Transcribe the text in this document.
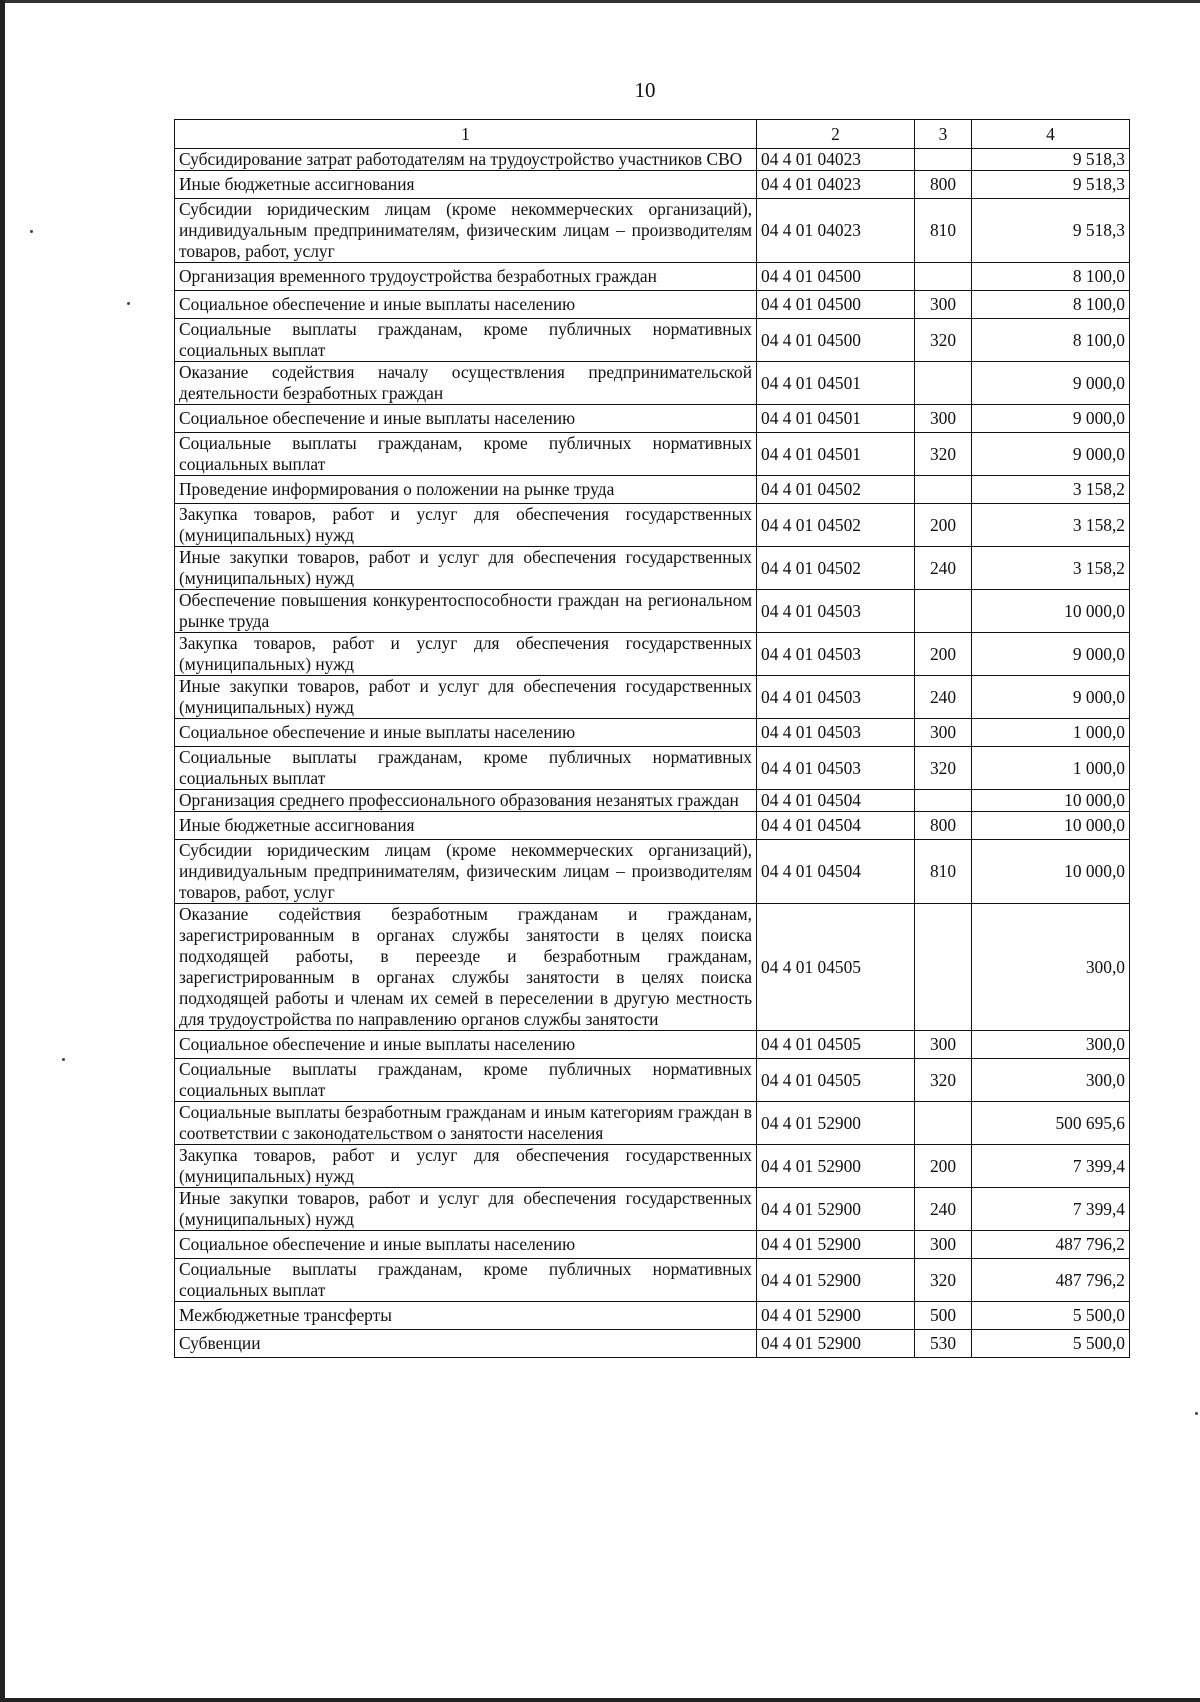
10
1	2	3	4
Субсидирование затрат работодателям на трудоустройство участников СВО	04 4 01 04023		9 518,3
Иные бюджетные ассигнования	04 4 01 04023	800	9 518,3
Субсидии юридическим лицам (кроме некоммерческих организаций), индивидуальным предпринимателям, физическим лицам – производителям товаров, работ, услуг	04 4 01 04023	810	9 518,3
Организация временного трудоустройства безработных граждан	04 4 01 04500		8 100,0
Социальное обеспечение и иные выплаты населению	04 4 01 04500	300	8 100,0
Социальные выплаты гражданам, кроме публичных нормативных социальных выплат	04 4 01 04500	320	8 100,0
Оказание содействия началу осуществления предпринимательской деятельности безработных граждан	04 4 01 04501		9 000,0
Социальное обеспечение и иные выплаты населению	04 4 01 04501	300	9 000,0
Социальные выплаты гражданам, кроме публичных нормативных социальных выплат	04 4 01 04501	320	9 000,0
Проведение информирования о положении на рынке труда	04 4 01 04502		3 158,2
Закупка товаров, работ и услуг для обеспечения государственных (муниципальных) нужд	04 4 01 04502	200	3 158,2
Иные закупки товаров, работ и услуг для обеспечения государственных (муниципальных) нужд	04 4 01 04502	240	3 158,2
Обеспечение повышения конкурентоспособности граждан на региональном рынке труда	04 4 01 04503		10 000,0
Закупка товаров, работ и услуг для обеспечения государственных (муниципальных) нужд	04 4 01 04503	200	9 000,0
Иные закупки товаров, работ и услуг для обеспечения государственных (муниципальных) нужд	04 4 01 04503	240	9 000,0
Социальное обеспечение и иные выплаты населению	04 4 01 04503	300	1 000,0
Социальные выплаты гражданам, кроме публичных нормативных социальных выплат	04 4 01 04503	320	1 000,0
Организация среднего профессионального образования незанятых граждан	04 4 01 04504		10 000,0
Иные бюджетные ассигнования	04 4 01 04504	800	10 000,0
Субсидии юридическим лицам (кроме некоммерческих организаций), индивидуальным предпринимателям, физическим лицам – производителям товаров, работ, услуг	04 4 01 04504	810	10 000,0
Оказание содействия безработным гражданам и гражданам, зарегистрированным в органах службы занятости в целях поиска подходящей работы, в переезде и безработным гражданам, зарегистрированным в органах службы занятости в целях поиска подходящей работы и членам их семей в переселении в другую местность для трудоустройства по направлению органов службы занятости	04 4 01 04505		300,0
Социальное обеспечение и иные выплаты населению	04 4 01 04505	300	300,0
Социальные выплаты гражданам, кроме публичных нормативных социальных выплат	04 4 01 04505	320	300,0
Социальные выплаты безработным гражданам и иным категориям граждан в соответствии с законодательством о занятости населения	04 4 01 52900		500 695,6
Закупка товаров, работ и услуг для обеспечения государственных (муниципальных) нужд	04 4 01 52900	200	7 399,4
Иные закупки товаров, работ и услуг для обеспечения государственных (муниципальных) нужд	04 4 01 52900	240	7 399,4
Социальное обеспечение и иные выплаты населению	04 4 01 52900	300	487 796,2
Социальные выплаты гражданам, кроме публичных нормативных социальных выплат	04 4 01 52900	320	487 796,2
Межбюджетные трансферты	04 4 01 52900	500	5 500,0
Субвенции	04 4 01 52900	530	5 500,0
